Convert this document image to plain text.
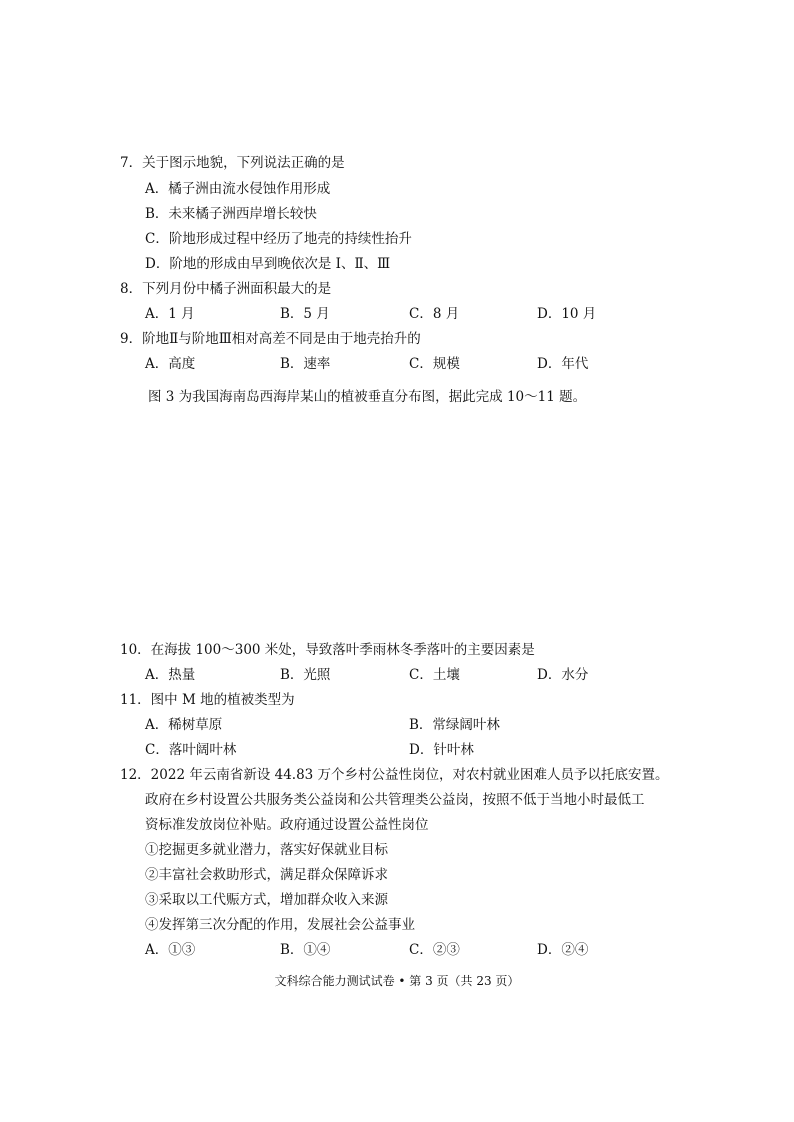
7．关于图示地貌，下列说法正确的是
A．橘子洲由流水侵蚀作用形成
B．未来橘子洲西岸增长较快
C．阶地形成过程中经历了地壳的持续性抬升
D．阶地的形成由早到晚依次是 Ⅰ、Ⅱ、Ⅲ
8．下列月份中橘子洲面积最大的是
A．1 月	B．5 月	C．8 月	D．10 月
9．阶地Ⅱ与阶地Ⅲ相对高差不同是由于地壳抬升的
A．高度	B．速率	C．规模	D．年代
图 3 为我国海南岛西海岸某山的植被垂直分布图，据此完成 10～11 题。
10．在海拔 100～300 米处，导致落叶季雨林冬季落叶的主要因素是
A．热量	B．光照	C．土壤	D．水分
11．图中 M 地的植被类型为
A．稀树草原	B．常绿阔叶林
C．落叶阔叶林	D．针叶林
12．2022 年云南省新设 44.83 万个乡村公益性岗位，对农村就业困难人员予以托底安置。
政府在乡村设置公共服务类公益岗和公共管理类公益岗，按照不低于当地小时最低工
资标准发放岗位补贴。政府通过设置公益性岗位
①挖掘更多就业潜力，落实好保就业目标
②丰富社会救助形式，满足群众保障诉求
③采取以工代赈方式，增加群众收入来源
④发挥第三次分配的作用，发展社会公益事业
A．①③	B．①④	C．②③	D．②④
文科综合能力测试试卷 • 第 3 页（共 23 页）
